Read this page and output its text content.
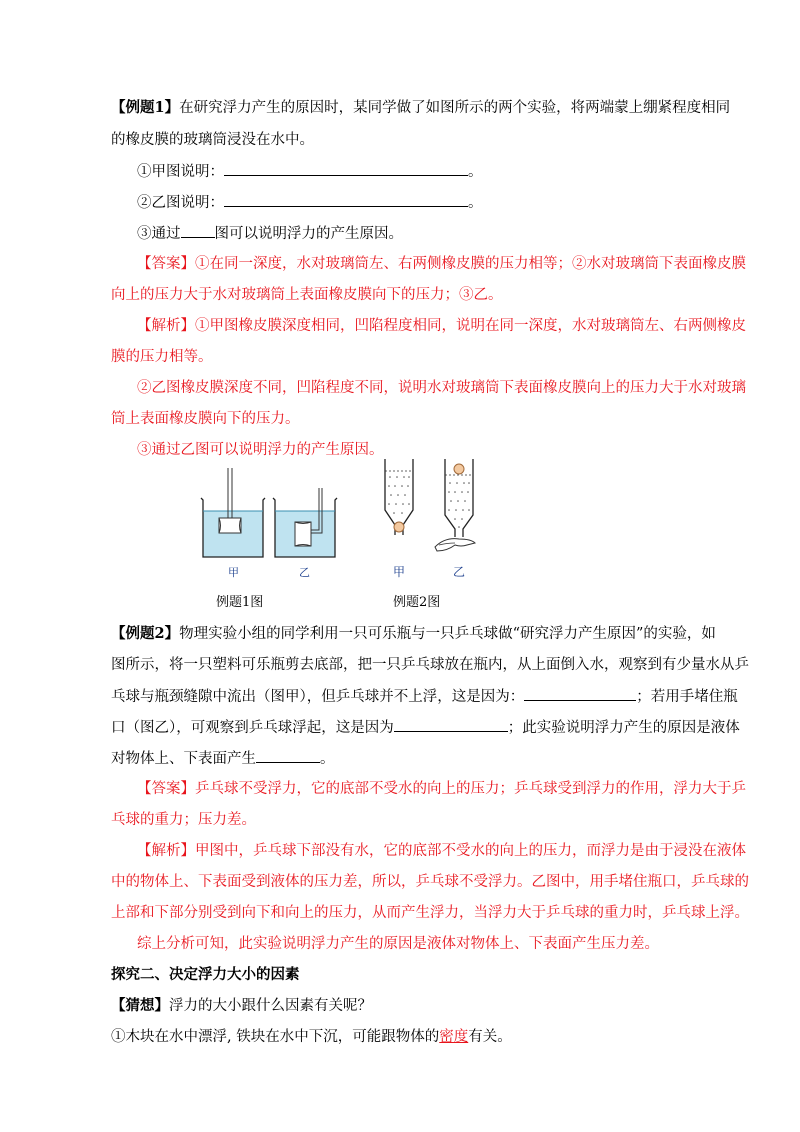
【例题1】在研究浮力产生的原因时，某同学做了如图所示的两个实验，将两端蒙上绷紧程度相同
的橡皮膜的玻璃筒浸没在水中。
①甲图说明：	。
②乙图说明：	。
③通过 图可以说明浮力的产生原因。
【答案】①在同一深度，水对玻璃筒左、右两侧橡皮膜的压力相等；②水对玻璃筒下表面橡皮膜
向上的压力大于水对玻璃筒上表面橡皮膜向下的压力；③乙。
【解析】①甲图橡皮膜深度相同，凹陷程度相同，说明在同一深度，水对玻璃筒左、右两侧橡皮
膜的压力相等。
②乙图橡皮膜深度不同，凹陷程度不同，说明水对玻璃筒下表面橡皮膜向上的压力大于水对玻璃
筒上表面橡皮膜向下的压力。
③通过乙图可以说明浮力的产生原因。
甲	乙	甲	乙
例题1图	例题2图
【例题2】物理实验小组的同学利用一只可乐瓶与一只乒乓球做“研究浮力产生原因”的实验，如
图所示，将一只塑料可乐瓶剪去底部，把一只乒乓球放在瓶内，从上面倒入水，观察到有少量水从乒
乓球与瓶颈缝隙中流出（图甲），但乒乓球并不上浮，这是因为：	；若用手堵住瓶
口（图乙），可观察到乒乓球浮起，这是因为	；此实验说明浮力产生的原因是液体
对物体上、下表面产生	。
【答案】乒乓球不受浮力，它的底部不受水的向上的压力；乒乓球受到浮力的作用，浮力大于乒
乓球的重力；压力差。
【解析】甲图中，乒乓球下部没有水，它的底部不受水的向上的压力，而浮力是由于浸没在液体
中的物体上、下表面受到液体的压力差，所以，乒乓球不受浮力。乙图中，用手堵住瓶口，乒乓球的
上部和下部分别受到向下和向上的压力，从而产生浮力，当浮力大于乒乓球的重力时，乒乓球上浮。
综上分析可知，此实验说明浮力产生的原因是液体对物体上、下表面产生压力差。
探究二、决定浮力大小的因素
【猜想】浮力的大小跟什么因素有关呢？
①木块在水中漂浮, 铁块在水中下沉，可能跟物体的密度有关。
